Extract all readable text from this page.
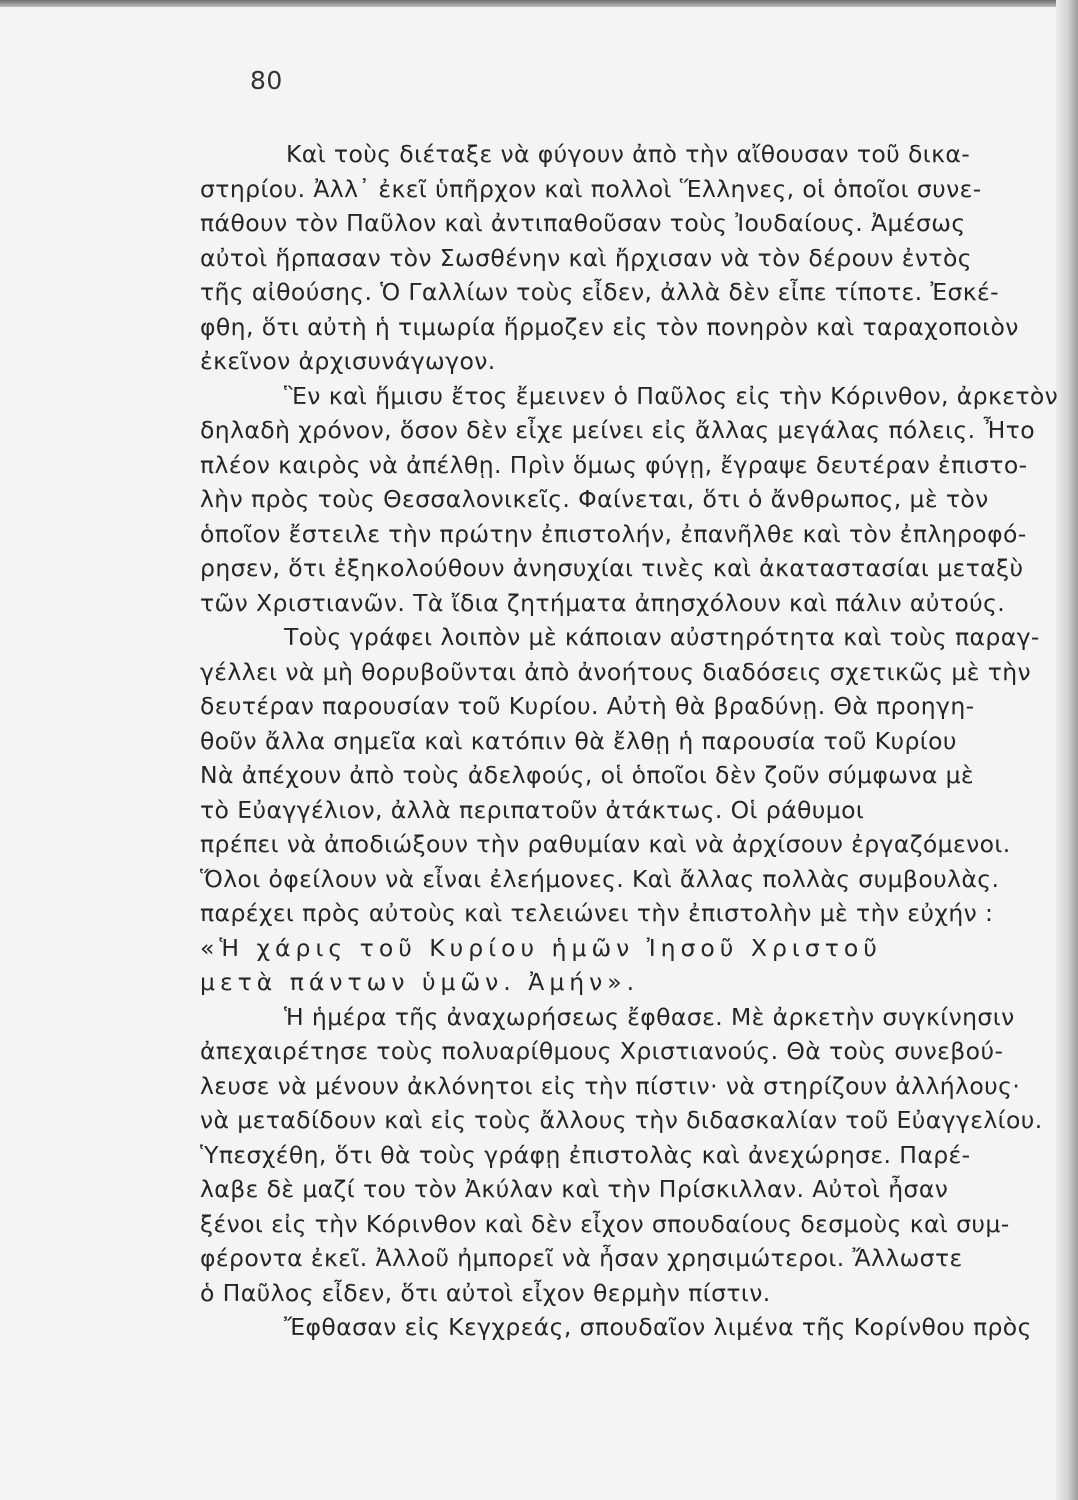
80
Καὶ τοὺς διέταξε νὰ φύγουν ἀπὸ τὴν αἴθουσαν τοῦ δικα-
στηρίου. Ἀλλ᾽ ἐκεῖ ὑπῆρχον καὶ πολλοὶ Ἕλληνες, οἱ ὁποῖοι συνε-
πάθουν τὸν Παῦλον καὶ ἀντιπαθοῦσαν τοὺς Ἰουδαίους. Ἀμέσως
αὐτοὶ ἥρπασαν τὸν Σωσθένην καὶ ἤρχισαν νὰ τὸν δέρουν ἐντὸς
τῆς αἰθούσης. Ὁ Γαλλίων τοὺς εἶδεν, ἀλλὰ δὲν εἶπε τίποτε. Ἐσκέ-
φθη, ὅτι αὐτὴ ἡ τιμωρία ἥρμοζεν εἰς τὸν πονηρὸν καὶ ταραχοποιὸν
ἐκεῖνον ἀρχισυνάγωγον.
Ἓν καὶ ἥμισυ ἔτος ἔμεινεν ὁ Παῦλος εἰς τὴν Κόρινθον, ἀρκετὸν
δηλαδὴ χρόνον, ὅσον δὲν εἶχε μείνει εἰς ἄλλας μεγάλας πόλεις. Ἦτο
πλέον καιρὸς νὰ ἀπέλθῃ. Πρὶν ὅμως φύγῃ, ἔγραψε δευτέραν ἐπιστο-
λὴν πρὸς τοὺς Θεσσαλονικεῖς. Φαίνεται, ὅτι ὁ ἄνθρωπος, μὲ τὸν
ὁποῖον ἔστειλε τὴν πρώτην ἐπιστολήν, ἐπανῆλθε καὶ τὸν ἐπληροφό-
ρησεν, ὅτι ἐξηκολούθουν ἀνησυχίαι τινὲς καὶ ἀκαταστασίαι μεταξὺ
τῶν Χριστιανῶν. Τὰ ἴδια ζητήματα ἀπησχόλουν καὶ πάλιν αὐτούς.
Τοὺς γράφει λοιπὸν μὲ κάποιαν αὐστηρότητα καὶ τοὺς παραγ-
γέλλει νὰ μὴ θορυβοῦνται ἀπὸ ἀνοήτους διαδόσεις σχετικῶς μὲ τὴν
δευτέραν παρουσίαν τοῦ Κυρίου. Αὐτὴ θὰ βραδύνῃ. Θὰ προηγη-
θοῦν ἄλλα σημεῖα καὶ κατόπιν θὰ ἔλθῃ ἡ παρουσία τοῦ Κυρίου
Νὰ ἀπέχουν ἀπὸ τοὺς ἀδελφούς, οἱ ὁποῖοι δὲν ζοῦν σύμφωνα μὲ
τὸ Εὐαγγέλιον, ἀλλὰ περιπατοῦν ἀτάκτως. Οἱ ράθυμοι
πρέπει νὰ ἀποδιώξουν τὴν ραθυμίαν καὶ νὰ ἀρχίσουν ἐργαζόμενοι.
Ὅλοι ὀφείλουν νὰ εἶναι ἐλεήμονες. Καὶ ἄλλας πολλὰς συμβουλὰς.
παρέχει πρὸς αὐτοὺς καὶ τελειώνει τὴν ἐπιστολὴν μὲ τὴν εὐχήν :
«Ἡ χάρις τοῦ Κυρίου ἡμῶν Ἰησοῦ Χριστοῦ
μετὰ πάντων ὑμῶν. Ἀμήν».
Ἡ ἡμέρα τῆς ἀναχωρήσεως ἔφθασε. Μὲ ἀρκετὴν συγκίνησιν
ἀπεχαιρέτησε τοὺς πολυαρίθμους Χριστιανούς. Θὰ τοὺς συνεβού-
λευσε νὰ μένουν ἀκλόνητοι εἰς τὴν πίστιν· νὰ στηρίζουν ἀλλήλους·
νὰ μεταδίδουν καὶ εἰς τοὺς ἄλλους τὴν διδασκαλίαν τοῦ Εὐαγγελίου.
Ὑπεσχέθη, ὅτι θὰ τοὺς γράφῃ ἐπιστολὰς καὶ ἀνεχώρησε. Παρέ-
λαβε δὲ μαζί του τὸν Ἀκύλαν καὶ τὴν Πρίσκιλλαν. Αὐτοὶ ἦσαν
ξένοι εἰς τὴν Κόρινθον καὶ δὲν εἶχον σπουδαίους δεσμοὺς καὶ συμ-
φέροντα ἐκεῖ. Ἀλλοῦ ἠμπορεῖ νὰ ἦσαν χρησιμώτεροι. Ἄλλωστε
ὁ Παῦλος εἶδεν, ὅτι αὐτοὶ εἶχον θερμὴν πίστιν.
Ἔφθασαν εἰς Κεγχρεάς, σπουδαῖον λιμένα τῆς Κορίνθου πρὸς
